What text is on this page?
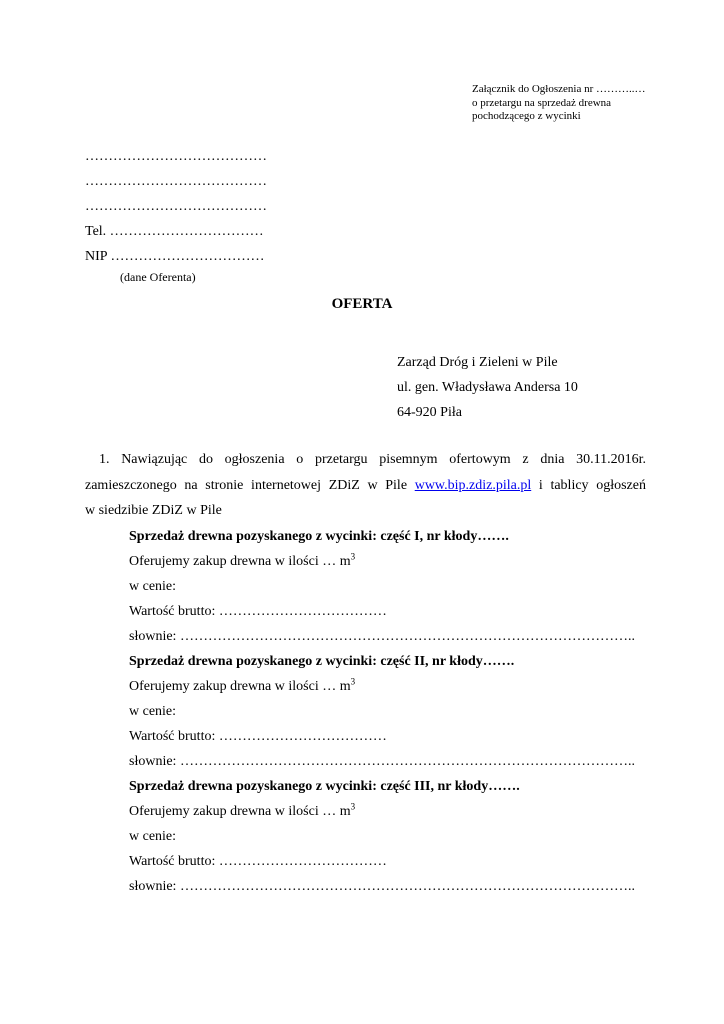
Załącznik do Ogłoszenia nr ………..…
o przetargu na sprzedaż drewna
pochodzącego z wycinki
…………………………………
…………………………………
…………………………………
Tel. ……………………………
NIP ……………………………
(dane Oferenta)
OFERTA
Zarząd Dróg i Zieleni w Pile
ul. gen. Władysława Andersa 10
64-920 Piła
1. Nawiązując do ogłoszenia o przetargu pisemnym ofertowym z dnia 30.11.2016r.
zamieszczonego na stronie internetowej ZDiZ w Pile www.bip.zdiz.pila.pl i tablicy ogłoszeń
w siedzibie ZDiZ w Pile
Sprzedaż drewna pozyskanego z wycinki: część I, nr kłody…….
Oferujemy zakup drewna w ilości … $m^3$
w cenie:
Wartość brutto: ………………………………
słownie: ……………………………………………………………………………………..
Sprzedaż drewna pozyskanego z wycinki: część II, nr kłody…….
Oferujemy zakup drewna w ilości … $m^3$
w cenie:
Wartość brutto: ………………………………
słownie: ……………………………………………………………………………………..
Sprzedaż drewna pozyskanego z wycinki: część III, nr kłody…….
Oferujemy zakup drewna w ilości … $m^3$
w cenie:
Wartość brutto: ………………………………
słownie: ……………………………………………………………………………………..
